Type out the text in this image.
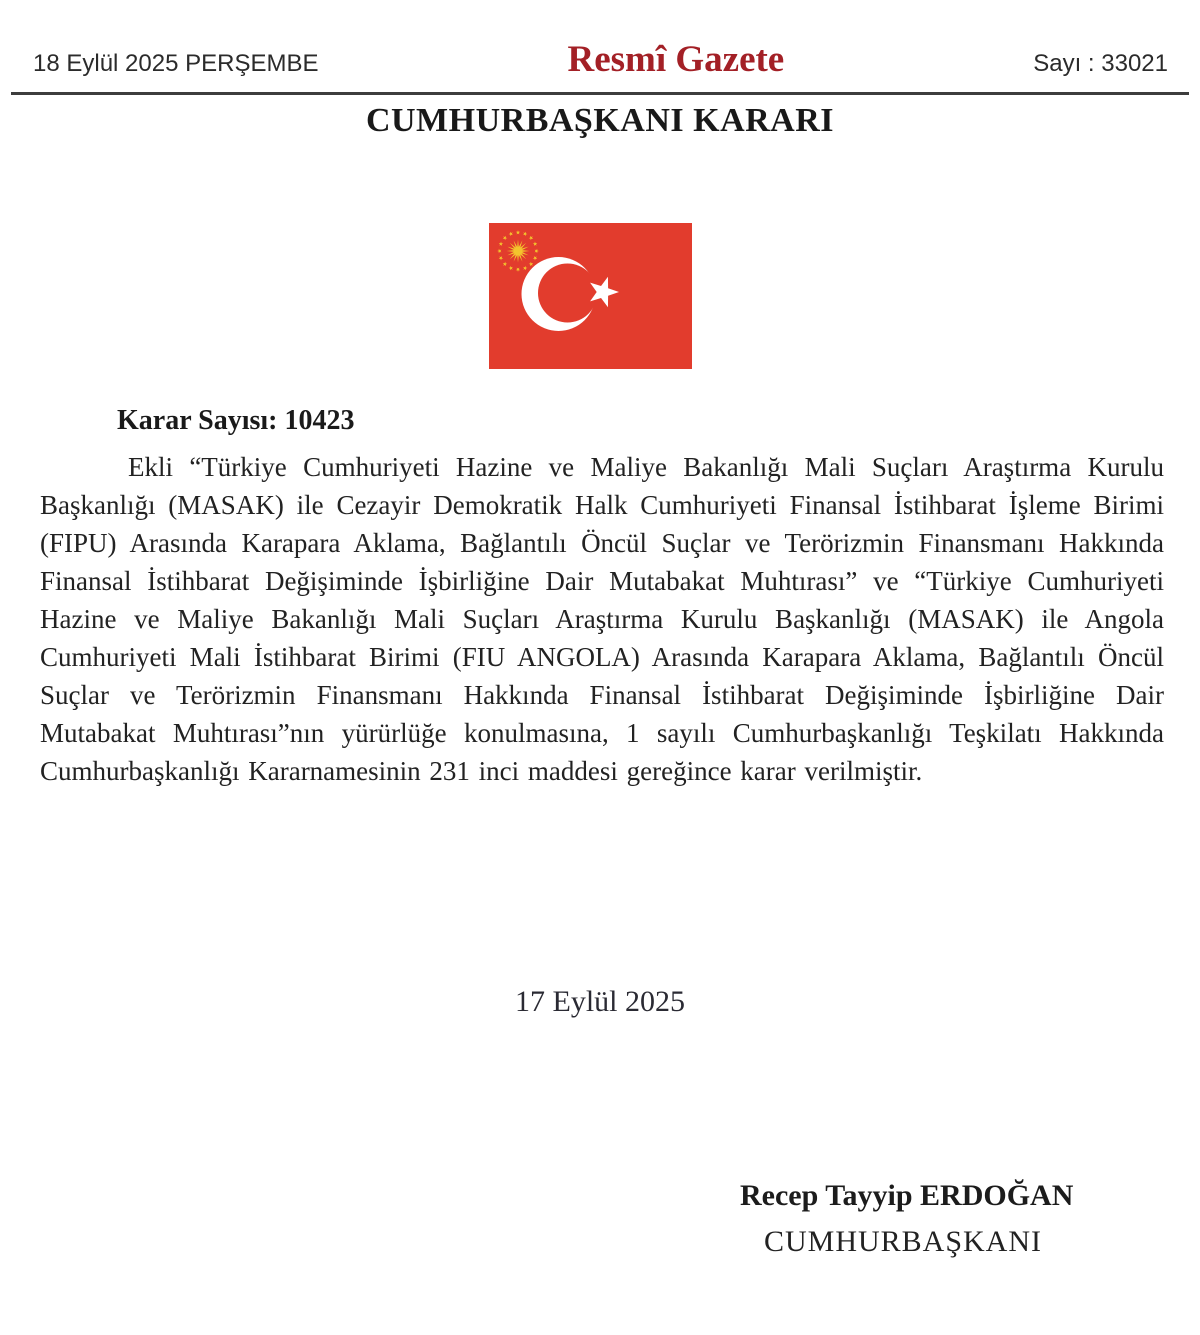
18 Eylül 2025 PERŞEMBE	Resmî Gazete	Sayı : 33021
CUMHURBAŞKANI KARARI
Karar Sayısı: 10423

Ekli “Türkiye Cumhuriyeti Hazine ve Maliye Bakanlığı Mali Suçları Araştırma Kurulu Başkanlığı (MASAK) ile Cezayir Demokratik Halk Cumhuriyeti Finansal İstihbarat İşleme Birimi (FIPU) Arasında Karapara Aklama, Bağlantılı Öncül Suçlar ve Terörizmin Finansmanı Hakkında Finansal İstihbarat Değişiminde İşbirliğine Dair Mutabakat Muhtırası” ve “Türkiye Cumhuriyeti Hazine ve Maliye Bakanlığı Mali Suçları Araştırma Kurulu Başkanlığı (MASAK) ile Angola Cumhuriyeti Mali İstihbarat Birimi (FIU ANGOLA) Arasında Karapara Aklama, Bağlantılı Öncül Suçlar ve Terörizmin Finansmanı Hakkında Finansal İstihbarat Değişiminde İşbirliğine Dair Mutabakat Muhtırası”nın yürürlüğe konulmasına, 1 sayılı Cumhurbaşkanlığı Teşkilatı Hakkında Cumhurbaşkanlığı Kararnamesinin 231 inci maddesi gereğince karar verilmiştir.

17 Eylül 2025
Recep Tayyip ERDOĞAN
CUMHURBAŞKANI
